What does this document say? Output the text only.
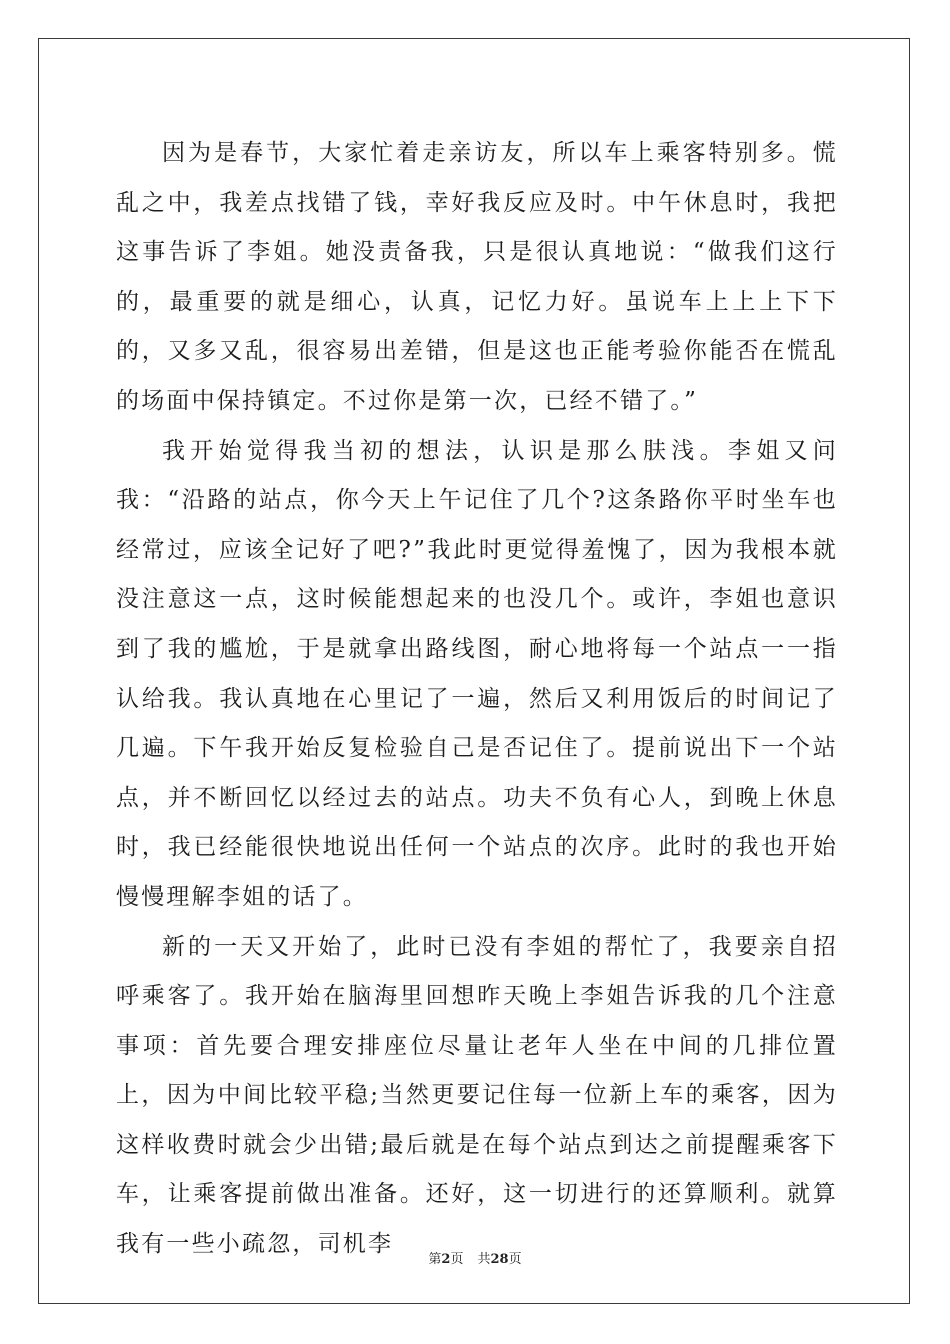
因为是春节，大家忙着走亲访友，所以车上乘客特别多。慌乱之中，我差点找错了钱，幸好我反应及时。中午休息时，我把这事告诉了李姐。她没责备我，只是很认真地说：“做我们这行的，最重要的就是细心，认真，记忆力好。虽说车上上上下下的，又多又乱，很容易出差错，但是这也正能考验你能否在慌乱的场面中保持镇定。不过你是第一次，已经不错了。”

我开始觉得我当初的想法，认识是那么肤浅。李姐又问我：“沿路的站点，你今天上午记住了几个?这条路你平时坐车也经常过，应该全记好了吧?”我此时更觉得羞愧了，因为我根本就没注意这一点，这时候能想起来的也没几个。或许，李姐也意识到了我的尴尬，于是就拿出路线图，耐心地将每一个站点一一指认给我。我认真地在心里记了一遍，然后又利用饭后的时间记了几遍。下午我开始反复检验自己是否记住了。提前说出下一个站点，并不断回忆以经过去的站点。功夫不负有心人，到晚上休息时，我已经能很快地说出任何一个站点的次序。此时的我也开始慢慢理解李姐的话了。

新的一天又开始了，此时已没有李姐的帮忙了，我要亲自招呼乘客了。我开始在脑海里回想昨天晚上李姐告诉我的几个注意事项：首先要合理安排座位尽量让老年人坐在中间的几排位置上，因为中间比较平稳;当然更要记住每一位新上车的乘客，因为这样收费时就会少出错;最后就是在每个站点到达之前提醒乘客下车，让乘客提前做出准备。还好，这一切进行的还算顺利。就算我有一些小疏忽，司机李

第2页 共28页
